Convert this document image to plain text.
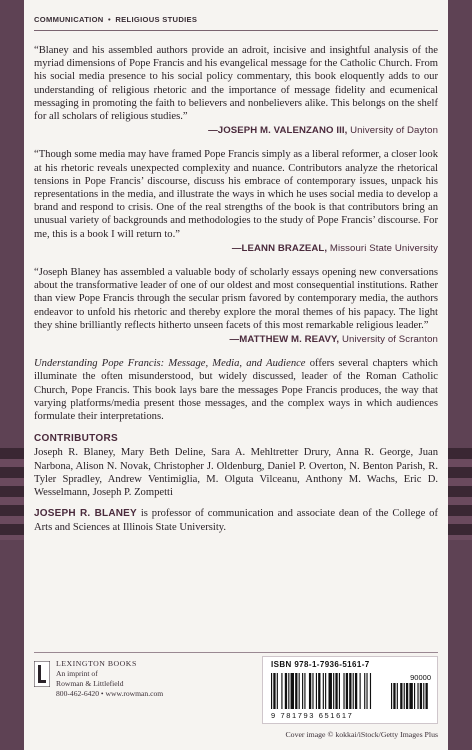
COMMUNICATION • RELIGIOUS STUDIES

“Blaney and his assembled authors provide an adroit, incisive and insightful analysis of the myriad dimensions of Pope Francis and his evangelical message for the Catholic Church. From his social media presence to his social policy commentary, this book eloquently adds to our understanding of religious rhetoric and the importance of message fidelity and ecumenical messaging in promoting the faith to believers and nonbelievers alike. This belongs on the shelf for all scholars of religious studies.”

—JOSEPH M. VALENZANO III, University of Dayton

“Though some media may have framed Pope Francis simply as a liberal reformer, a closer look at his rhetoric reveals unexpected complexity and nuance. Contributors analyze the rhetorical tensions in Pope Francis’ discourse, discuss his embrace of contemporary issues, unpack his representations in the media, and illustrate the ways in which he uses social media to develop a brand and respond to crisis. One of the real strengths of the book is that contributors bring an unusual variety of backgrounds and methodologies to the study of Pope Francis’ discourse. For me, this is a book I will return to.”

—LEANN BRAZEAL, Missouri State University

“Joseph Blaney has assembled a valuable body of scholarly essays opening new conversations about the transformative leader of one of our oldest and most consequential institutions. Rather than view Pope Francis through the secular prism favored by contemporary media, the authors endeavor to unfold his rhetoric and thereby explore the moral themes of his papacy. The light they shine brilliantly reflects hitherto unseen facets of this most remarkable religious leader.”

—MATTHEW M. REAVY, University of Scranton

Understanding Pope Francis: Message, Media, and Audience offers several chapters which illuminate the often misunderstood, but widely discussed, leader of the Roman Catholic Church, Pope Francis. This book lays bare the messages Pope Francis produces, the way that varying platforms/media present those messages, and the complex ways in which audiences formulate their interpretations.

CONTRIBUTORS

Joseph R. Blaney, Mary Beth Deline, Sara A. Mehltretter Drury, Anna R. George, Juan Narbona, Alison N. Novak, Christopher J. Oldenburg, Daniel P. Overton, N. Benton Parish, R. Tyler Spradley, Andrew Ventimiglia, M. Olguta Vilceanu, Anthony M. Wachs, Eric D. Wesselmann, Joseph P. Zompetti

JOSEPH R. BLANEY is professor of communication and associate dean of the College of Arts and Sciences at Illinois State University.

LEXINGTON BOOKS
An imprint of
Rowman & Littlefield
800-462-6420 • www.rowman.com
ISBN 978-1-7936-5161-7
90000
9 781793 651617
Cover image © kokkai/iStock/Getty Images Plus
